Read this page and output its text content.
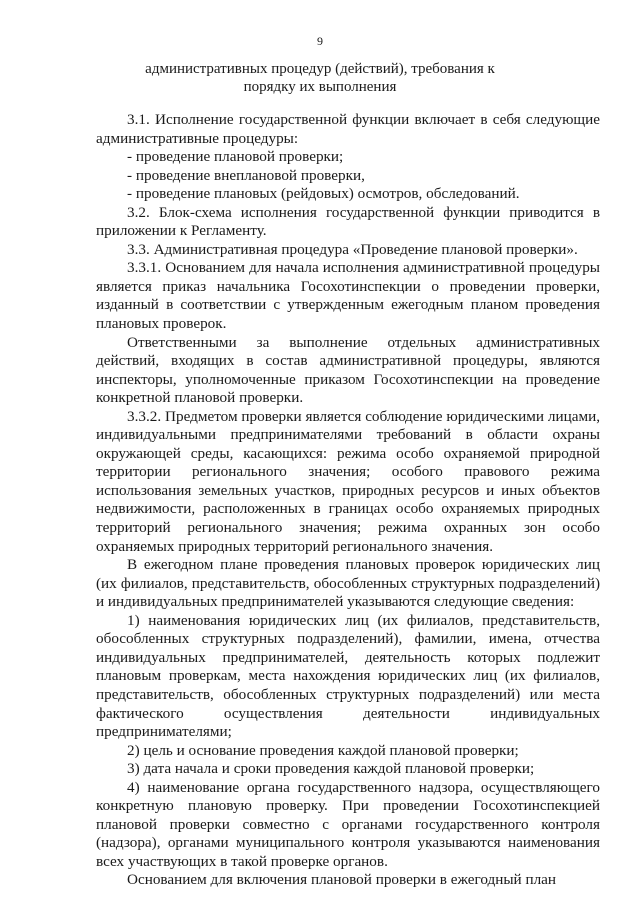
9
административных процедур (действий), требования к порядку их выполнения

3.1. Исполнение государственной функции включает в себя следующие административные процедуры:

- проведение плановой проверки;

- проведение внеплановой проверки,

- проведение плановых (рейдовых) осмотров, обследований.

3.2. Блок-схема исполнения государственной функции приводится в приложении к Регламенту.

3.3. Административная процедура «Проведение плановой проверки».

3.3.1. Основанием для начала исполнения административной процедуры является приказ начальника Госохотинспекции о проведении проверки, изданный в соответствии с утвержденным ежегодным планом проведения плановых проверок.

Ответственными за выполнение отдельных административных действий, входящих в состав административной процедуры, являются инспекторы, уполномоченные приказом Госохотинспекции на проведение конкретной плановой проверки.

3.3.2. Предметом проверки является соблюдение юридическими лицами, индивидуальными предпринимателями требований в области охраны окружающей среды, касающихся: режима особо охраняемой природной территории регионального значения; особого правового режима использования земельных участков, природных ресурсов и иных объектов недвижимости, расположенных в границах особо охраняемых природных территорий регионального значения; режима охранных зон особо охраняемых природных территорий регионального значения.

В ежегодном плане проведения плановых проверок юридических лиц (их филиалов, представительств, обособленных структурных подразделений) и индивидуальных предпринимателей указываются следующие сведения:

1) наименования юридических лиц (их филиалов, представительств, обособленных структурных подразделений), фамилии, имена, отчества индивидуальных предпринимателей, деятельность которых подлежит плановым проверкам, места нахождения юридических лиц (их филиалов, представительств, обособленных структурных подразделений) или места фактического осуществления деятельности индивидуальных предпринимателями;

2) цель и основание проведения каждой плановой проверки;

3) дата начала и сроки проведения каждой плановой проверки;

4) наименование органа государственного надзора, осуществляющего конкретную плановую проверку. При проведении Госохотинспекцией плановой проверки совместно с органами государственного контроля (надзора), органами муниципального контроля указываются наименования всех участвующих в такой проверке органов.

Основанием для включения плановой проверки в ежегодный план
